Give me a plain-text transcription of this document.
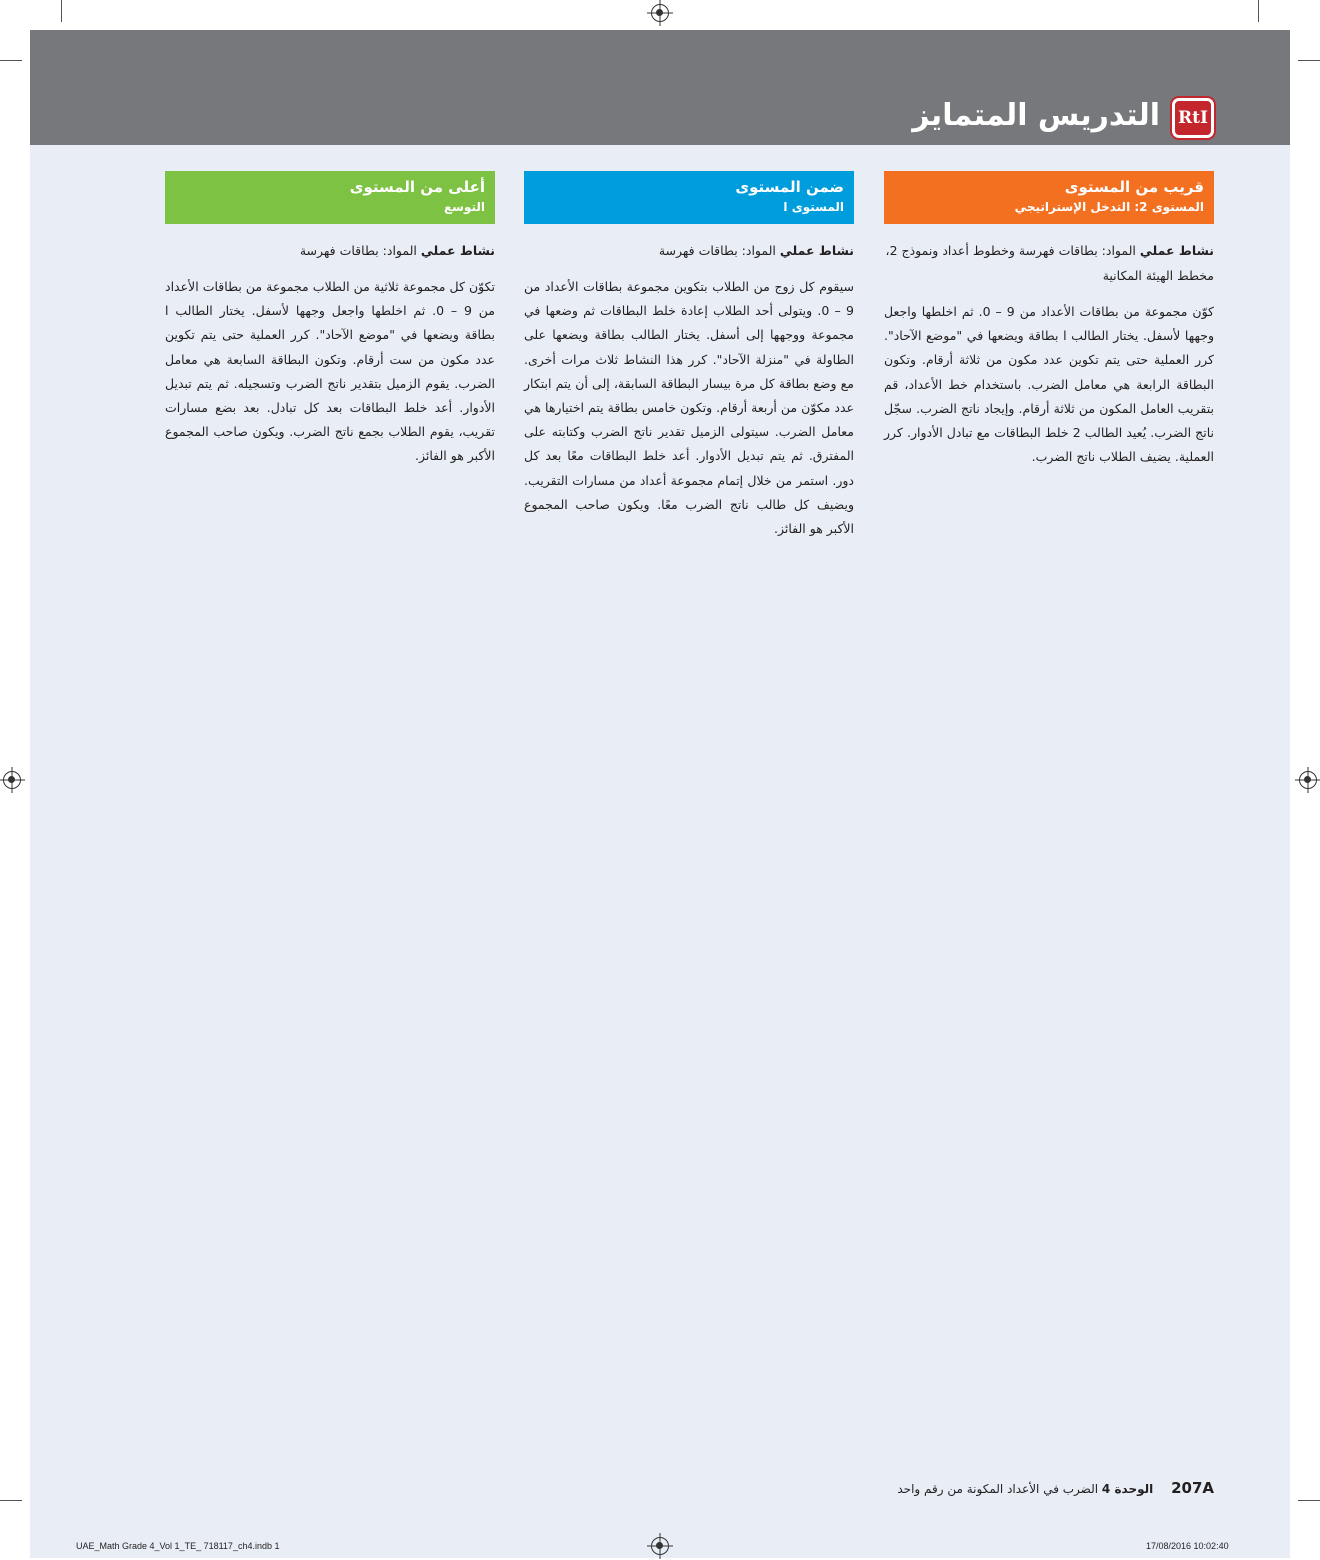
التدريس المتمايز	RtI
قريب من المستوى
المستوى 2: التدخل الإستراتيجي
نشاط عملي المواد: بطاقات فهرسة وخطوط أعداد ونموذج 2، مخطط الهيئة المكانية
كوّن مجموعة من بطاقات الأعداد من 9 – 0. ثم اخلطها واجعل وجهها لأسفل. يختار الطالب ا بطاقة ويضعها في "موضع الآحاد". كرر العملية حتى يتم تكوين عدد مكون من ثلاثة أرقام. وتكون البطاقة الرابعة هي معامل الضرب. باستخدام خط الأعداد، قم بتقريب العامل المكون من ثلاثة أرقام. وإيجاد ناتج الضرب. سجّل ناتج الضرب. يُعيد الطالب 2 خلط البطاقات مع تبادل الأدوار. كرر العملية. يضيف الطلاب ناتج الضرب.
ضمن المستوى
المستوى ا
نشاط عملي المواد: بطاقات فهرسة
سيقوم كل زوج من الطلاب بتكوين مجموعة بطاقات الأعداد من 9 – 0. ويتولى أحد الطلاب إعادة خلط البطاقات ثم وضعها في مجموعة ووجهها إلى أسفل. يختار الطالب بطاقة ويضعها على الطاولة في "منزلة الآحاد". كرر هذا النشاط ثلاث مرات أخرى. مع وضع بطاقة كل مرة بيسار البطاقة السابقة، إلى أن يتم ابتكار عدد مكوّن من أربعة أرقام. وتكون خامس بطاقة يتم اختيارها هي معامل الضرب. سيتولى الزميل تقدير ناتج الضرب وكتابته على المفترق. ثم يتم تبديل الأدوار. أعد خلط البطاقات معًا بعد كل دور. استمر من خلال إتمام مجموعة أعداد من مسارات التقريب. ويضيف كل طالب ناتج الضرب معًا. ويكون صاحب المجموع الأكبر هو الفائز.
أعلى من المستوى
التوسع
نشاط عملي المواد: بطاقات فهرسة
تكوّن كل مجموعة ثلاثية من الطلاب مجموعة من بطاقات الأعداد من 9 – 0. ثم اخلطها واجعل وجهها لأسفل. يختار الطالب ا بطاقة ويضعها في "موضع الآحاد". كرر العملية حتى يتم تكوين عدد مكون من ست أرقام. وتكون البطاقة السابعة هي معامل الضرب. يقوم الزميل بتقدير ناتج الضرب وتسجيله. ثم يتم تبديل الأدوار. أعد خلط البطاقات بعد كل تبادل. بعد بضع مسارات تقريب، يقوم الطلاب بجمع ناتج الضرب. ويكون صاحب المجموع الأكبر هو الفائز.
207A الوحدة 4 الضرب في الأعداد المكونة من رقم واحد
UAE_Math Grade 4_Vol 1_TE_ 718117_ch4.indb 1	17/08/2016 10:02:40
